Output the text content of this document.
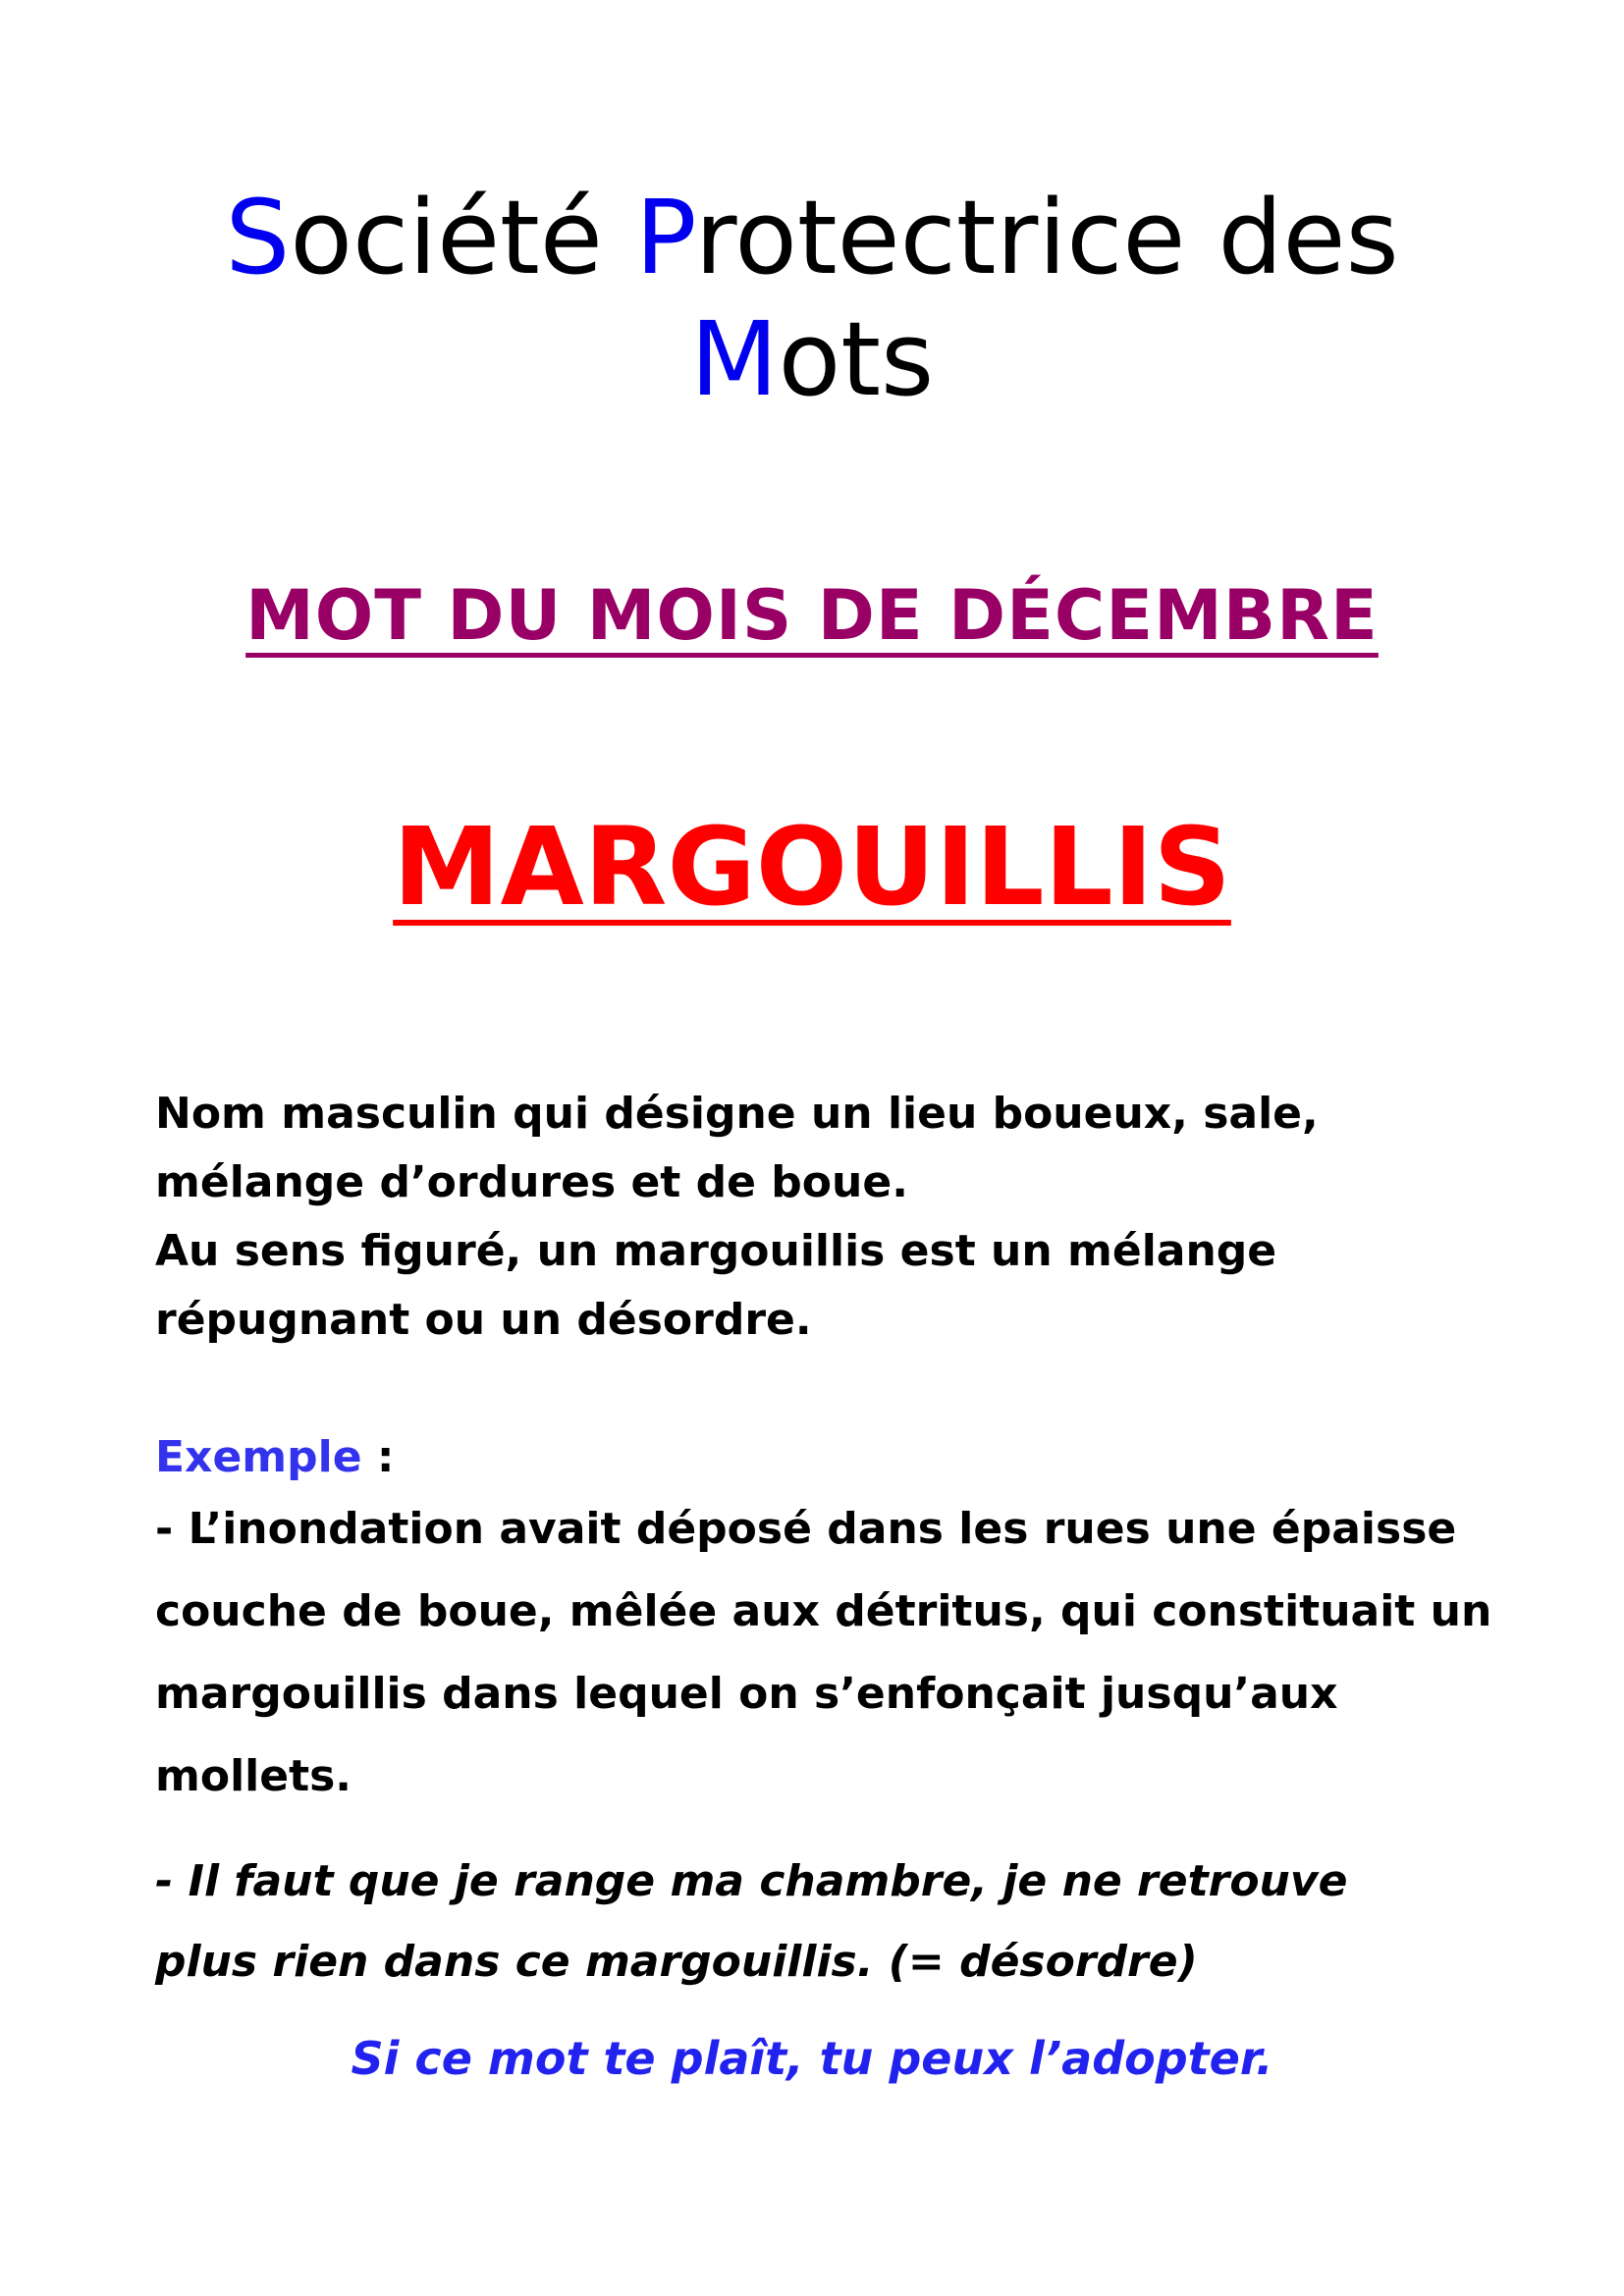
Société Protectrice des
Mots
MOT DU MOIS DE DÉCEMBRE
MARGOUILLIS
Nom masculin qui désigne un lieu boueux, sale,
mélange d’ordures et de boue.
Au sens figuré, un margouillis est un mélange
répugnant ou un désordre.
Exemple :
- L’inondation avait déposé dans les rues une épaisse
couche de boue, mêlée aux détritus, qui constituait un
margouillis dans lequel on s’enfonçait jusqu’aux
mollets.
- Il faut que je range ma chambre, je ne retrouve
plus rien dans ce margouillis. (= désordre)
Si ce mot te plaît, tu peux l’adopter.
